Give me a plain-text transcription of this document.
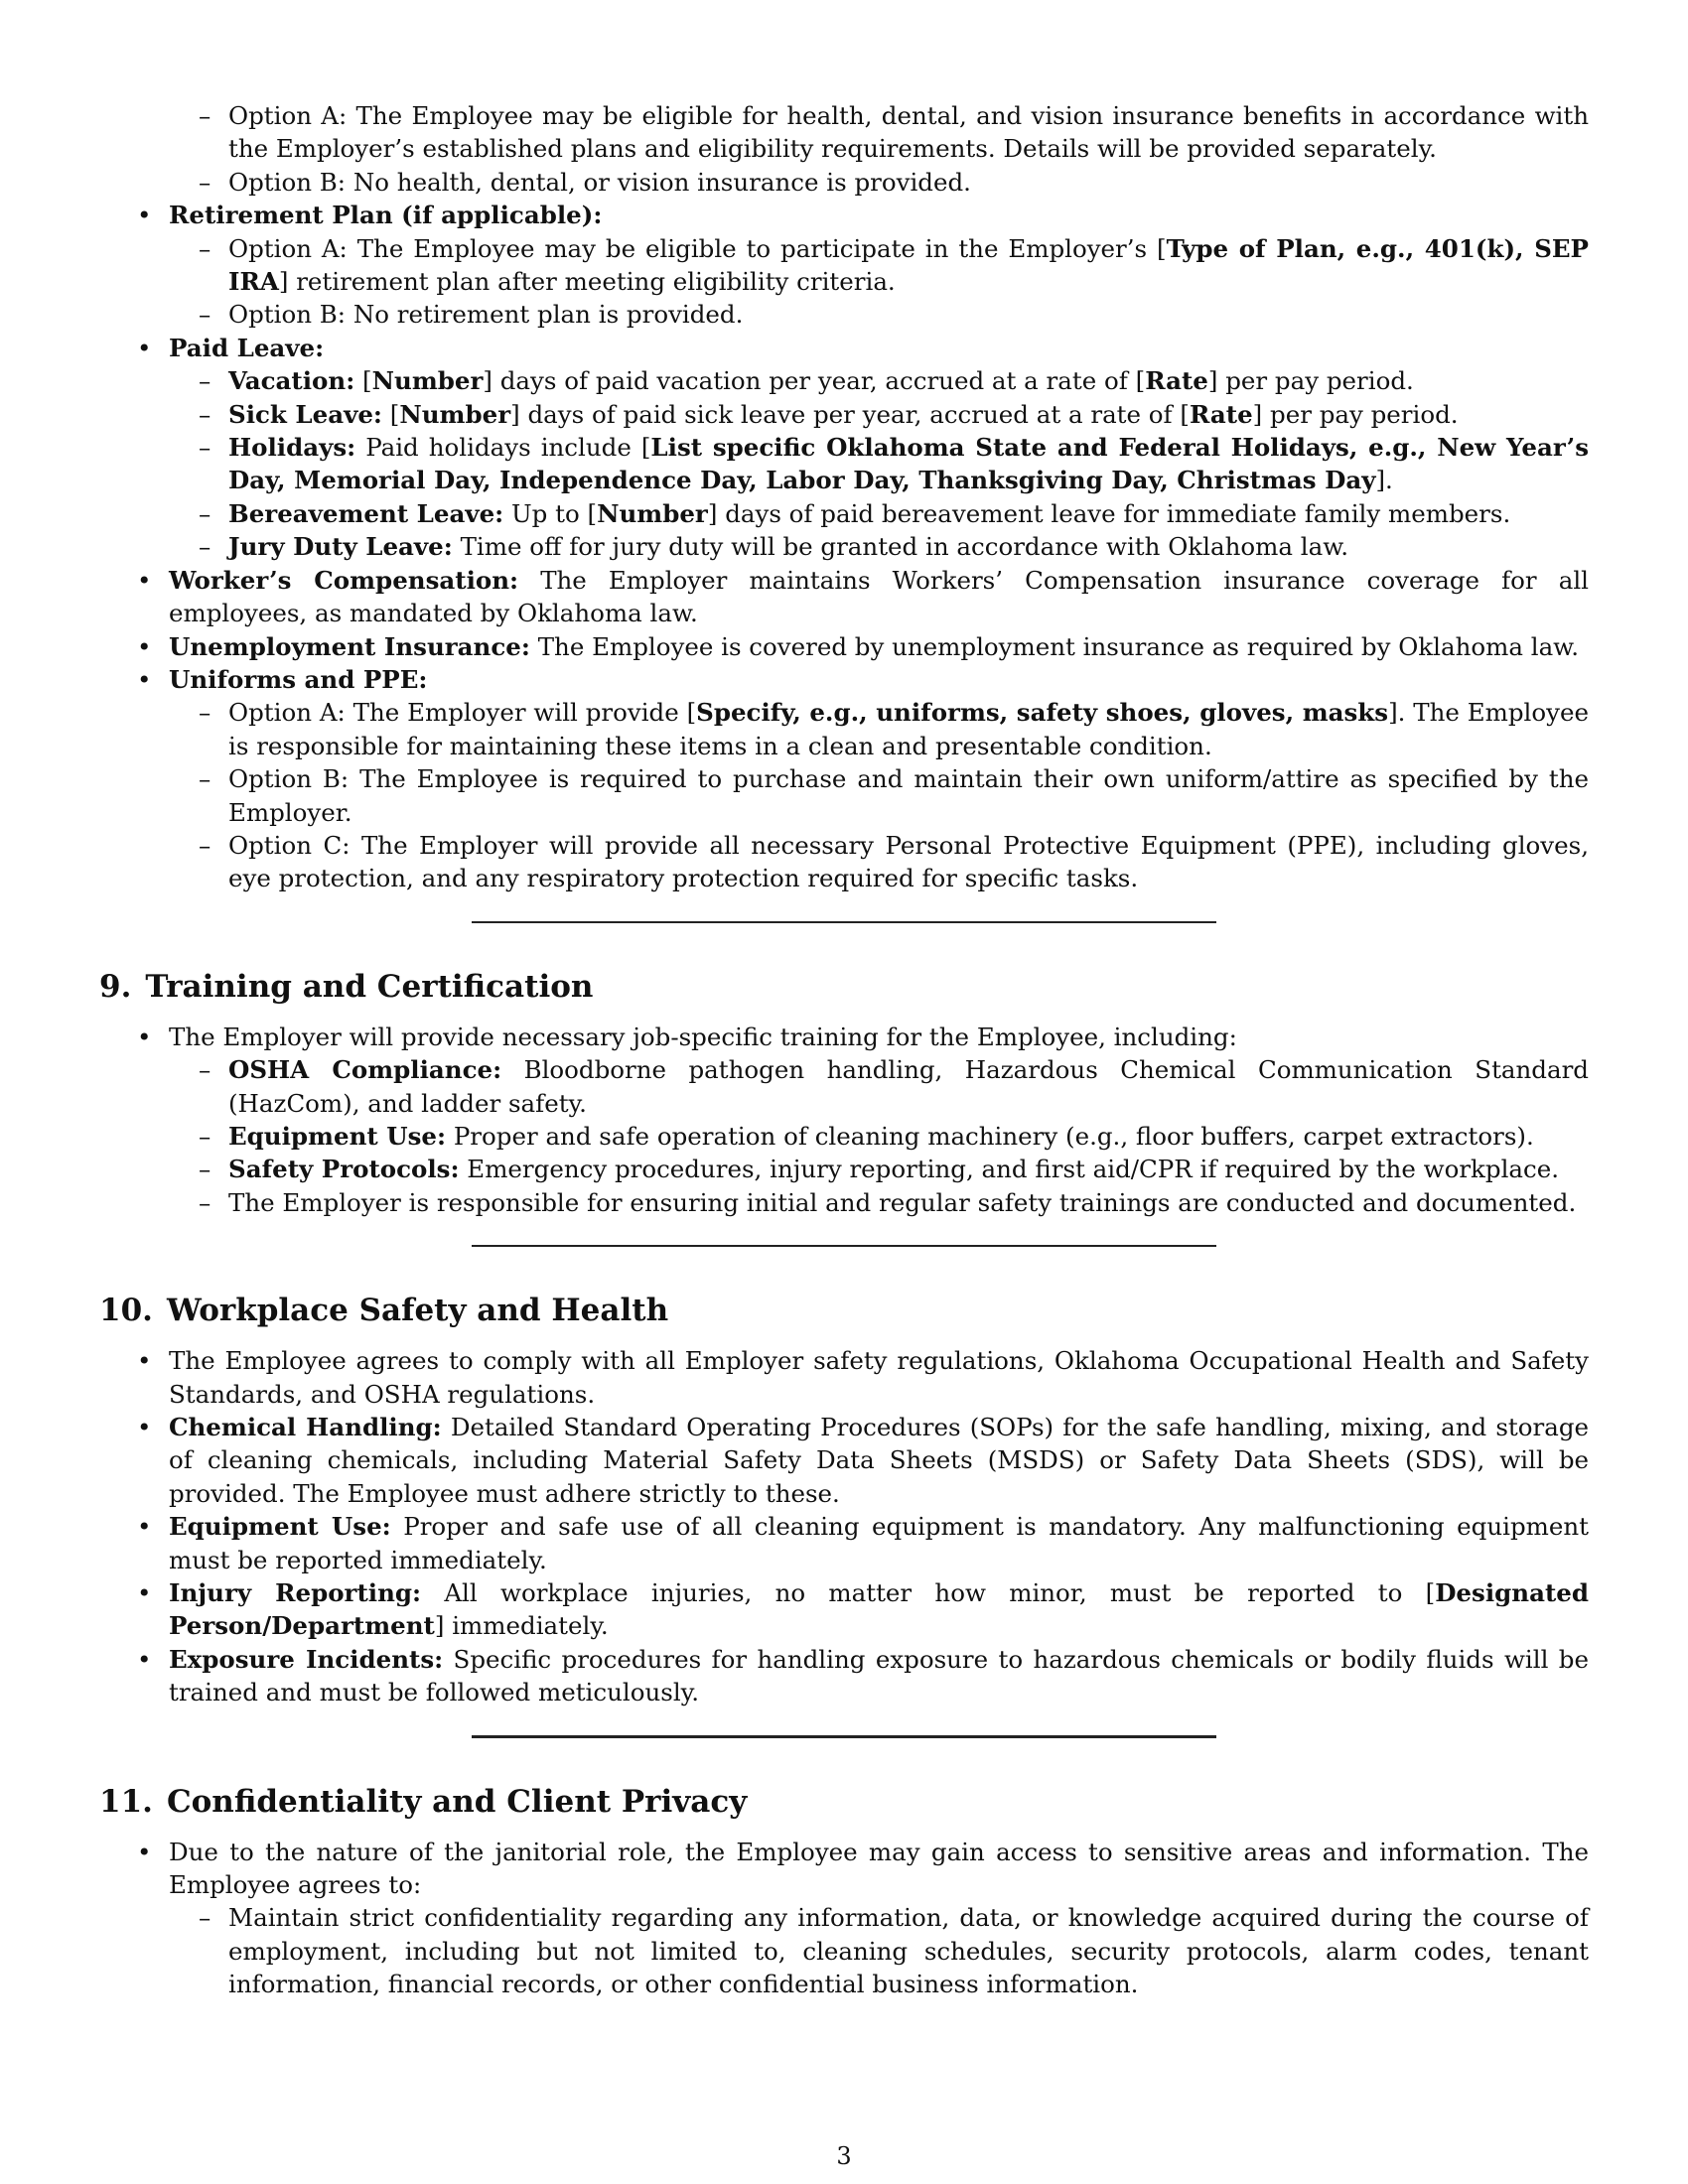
– Option A: The Employee may be eligible for health, dental, and vision insurance benefits in accordance with the Employer’s established plans and eligibility requirements. Details will be provided separately.
– Option B: No health, dental, or vision insurance is provided.
• Retirement Plan (if applicable):
– Option A: The Employee may be eligible to participate in the Employer’s [Type of Plan, e.g., 401(k), SEP IRA] retirement plan after meeting eligibility criteria.
– Option B: No retirement plan is provided.
• Paid Leave:
– Vacation: [Number] days of paid vacation per year, accrued at a rate of [Rate] per pay period.
– Sick Leave: [Number] days of paid sick leave per year, accrued at a rate of [Rate] per pay period.
– Holidays: Paid holidays include [List specific Oklahoma State and Federal Holidays, e.g., New Year’s Day, Memorial Day, Independence Day, Labor Day, Thanksgiving Day, Christmas Day].
– Bereavement Leave: Up to [Number] days of paid bereavement leave for immediate family members.
– Jury Duty Leave: Time off for jury duty will be granted in accordance with Oklahoma law.
• Worker’s Compensation: The Employer maintains Workers’ Compensation insurance coverage for all employees, as mandated by Oklahoma law.
• Unemployment Insurance: The Employee is covered by unemployment insurance as required by Oklahoma law.
• Uniforms and PPE:
– Option A: The Employer will provide [Specify, e.g., uniforms, safety shoes, gloves, masks]. The Employee is responsible for maintaining these items in a clean and presentable condition.
– Option B: The Employee is required to purchase and maintain their own uniform/attire as specified by the Employer.
– Option C: The Employer will provide all necessary Personal Protective Equipment (PPE), including gloves, eye protection, and any respiratory protection required for specific tasks.
9. Training and Certification
• The Employer will provide necessary job-specific training for the Employee, including:
– OSHA Compliance: Bloodborne pathogen handling, Hazardous Chemical Communication Standard (HazCom), and ladder safety.
– Equipment Use: Proper and safe operation of cleaning machinery (e.g., floor buffers, carpet extractors).
– Safety Protocols: Emergency procedures, injury reporting, and first aid/CPR if required by the workplace.
– The Employer is responsible for ensuring initial and regular safety trainings are conducted and documented.
10. Workplace Safety and Health
• The Employee agrees to comply with all Employer safety regulations, Oklahoma Occupational Health and Safety Standards, and OSHA regulations.
• Chemical Handling: Detailed Standard Operating Procedures (SOPs) for the safe handling, mixing, and storage of cleaning chemicals, including Material Safety Data Sheets (MSDS) or Safety Data Sheets (SDS), will be provided. The Employee must adhere strictly to these.
• Equipment Use: Proper and safe use of all cleaning equipment is mandatory. Any malfunctioning equipment must be reported immediately.
• Injury Reporting: All workplace injuries, no matter how minor, must be reported to [Designated Person/Department] immediately.
• Exposure Incidents: Specific procedures for handling exposure to hazardous chemicals or bodily fluids will be trained and must be followed meticulously.
11. Confidentiality and Client Privacy
• Due to the nature of the janitorial role, the Employee may gain access to sensitive areas and information. The Employee agrees to:
– Maintain strict confidentiality regarding any information, data, or knowledge acquired during the course of employment, including but not limited to, cleaning schedules, security protocols, alarm codes, tenant information, financial records, or other confidential business information.
3
